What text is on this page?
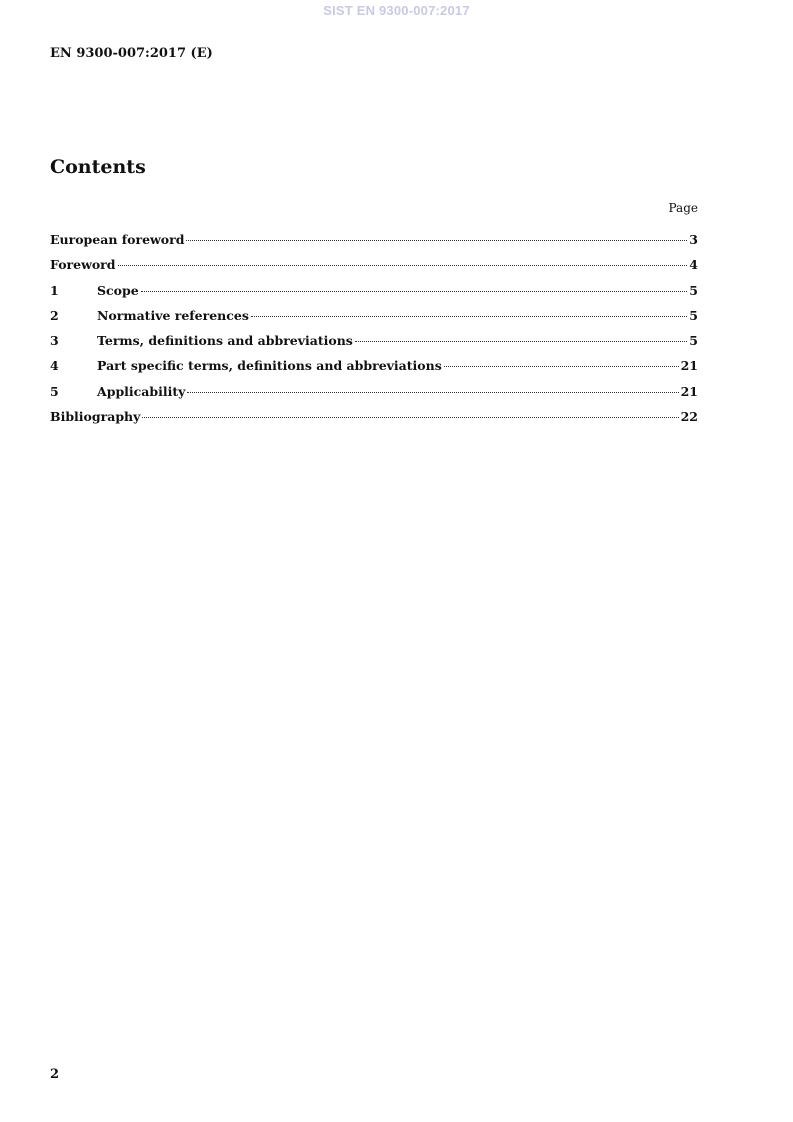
SIST EN 9300-007:2017
EN 9300-007:2017 (E)
Contents
Page
European foreword	3
Foreword	4
1	Scope	5
2	Normative references	5
3	Terms, definitions and abbreviations	5
4	Part specific terms, definitions and abbreviations	21
5	Applicability	21
Bibliography	22
2
